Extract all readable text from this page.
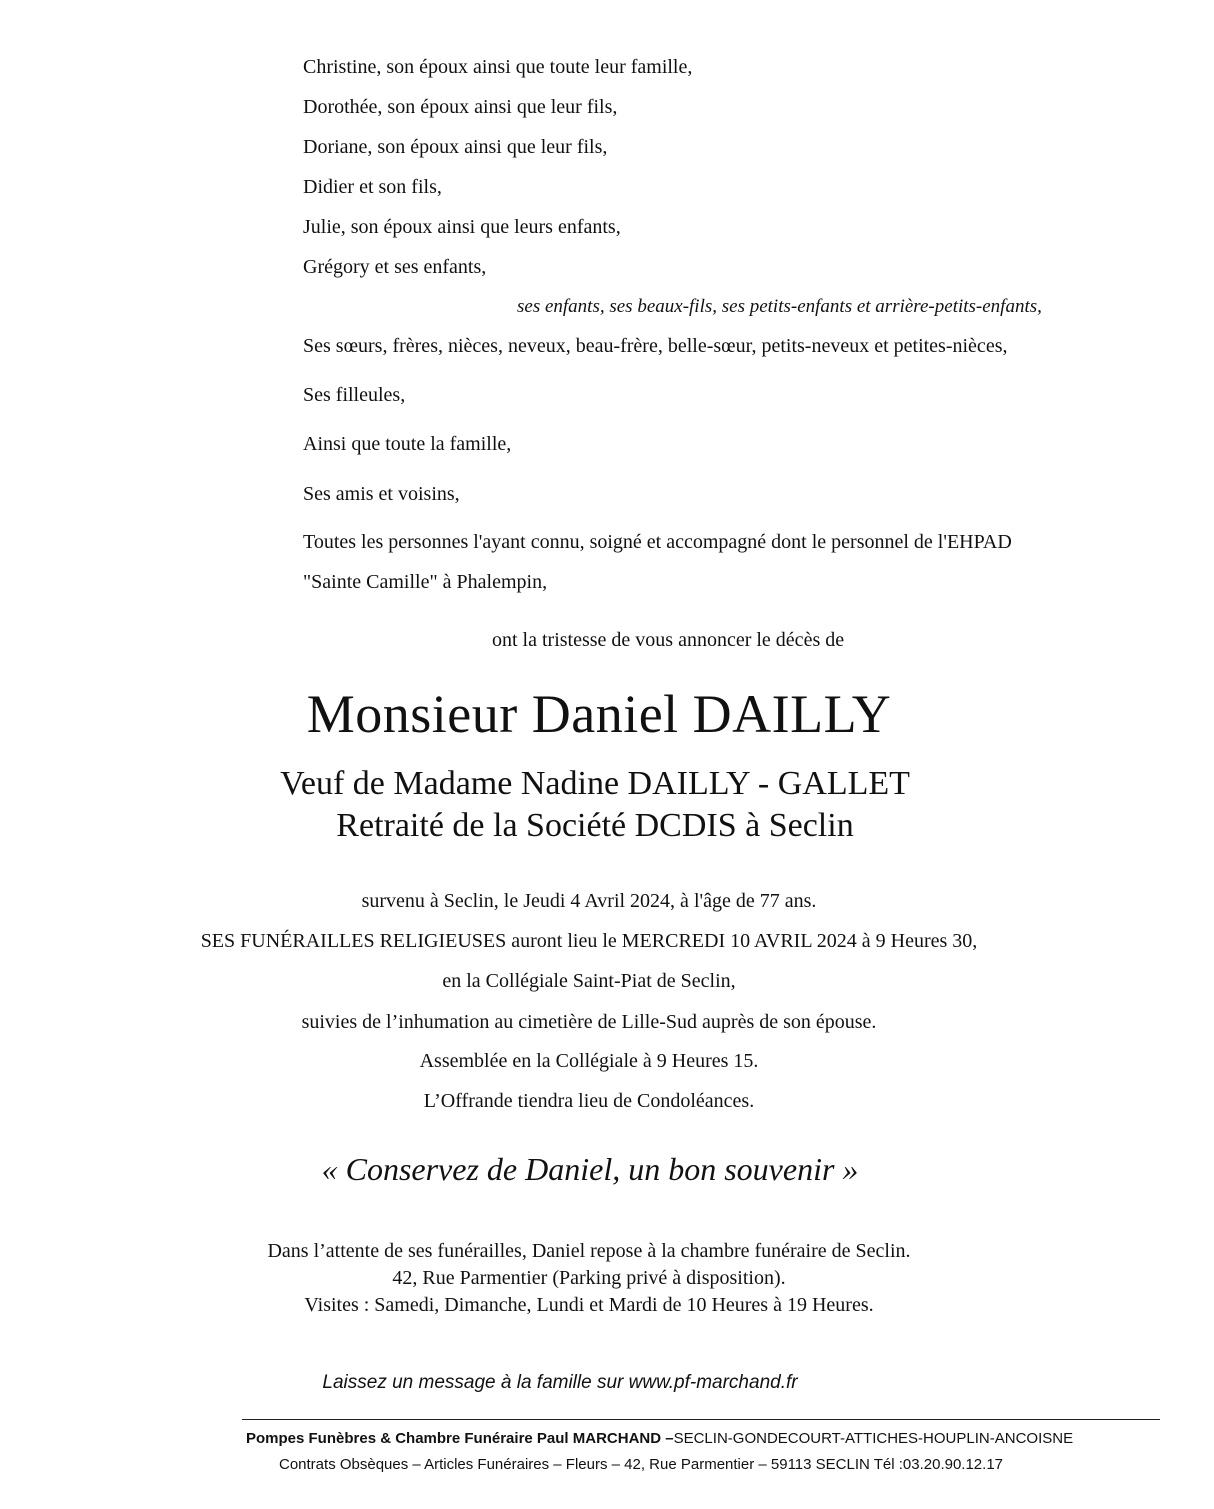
Christine, son époux ainsi que toute leur famille,
Dorothée, son époux ainsi que leur fils,
Doriane, son époux ainsi que leur fils,
Didier et son fils,
Julie, son époux ainsi que leurs enfants,
Grégory et ses enfants,
ses enfants, ses beaux-fils, ses petits-enfants et arrière-petits-enfants,
Ses sœurs, frères, nièces, neveux, beau-frère, belle-sœur, petits-neveux et petites-nièces,
Ses filleules,
Ainsi que toute la famille,
Ses amis et voisins,
Toutes les personnes l'ayant connu, soigné et accompagné dont le personnel de l'EHPAD
"Sainte Camille" à Phalempin,
ont la tristesse de vous annoncer le décès de
Monsieur Daniel DAILLY
Veuf de Madame Nadine DAILLY - GALLET
Retraité de la Société DCDIS à Seclin
survenu à Seclin, le Jeudi 4 Avril 2024, à l'âge de 77 ans.
SES FUNÉRAILLES RELIGIEUSES auront lieu le MERCREDI 10 AVRIL 2024 à 9 Heures 30,
en la Collégiale Saint-Piat de Seclin,
suivies de l’inhumation au cimetière de Lille-Sud auprès de son épouse.
Assemblée en la Collégiale à 9 Heures 15.
L’Offrande tiendra lieu de Condoléances.
« Conservez de Daniel, un bon souvenir »
Dans l’attente de ses funérailles, Daniel repose à la chambre funéraire de Seclin.
42, Rue Parmentier (Parking privé à disposition).
Visites : Samedi, Dimanche, Lundi et Mardi de 10 Heures à 19 Heures.
Laissez un message à la famille sur www.pf-marchand.fr
Pompes Funèbres & Chambre Funéraire Paul MARCHAND –SECLIN-GONDECOURT-ATTICHES-HOUPLIN-ANCOISNE
Contrats Obsèques – Articles Funéraires – Fleurs – 42, Rue Parmentier – 59113 SECLIN Tél :03.20.90.12.17
